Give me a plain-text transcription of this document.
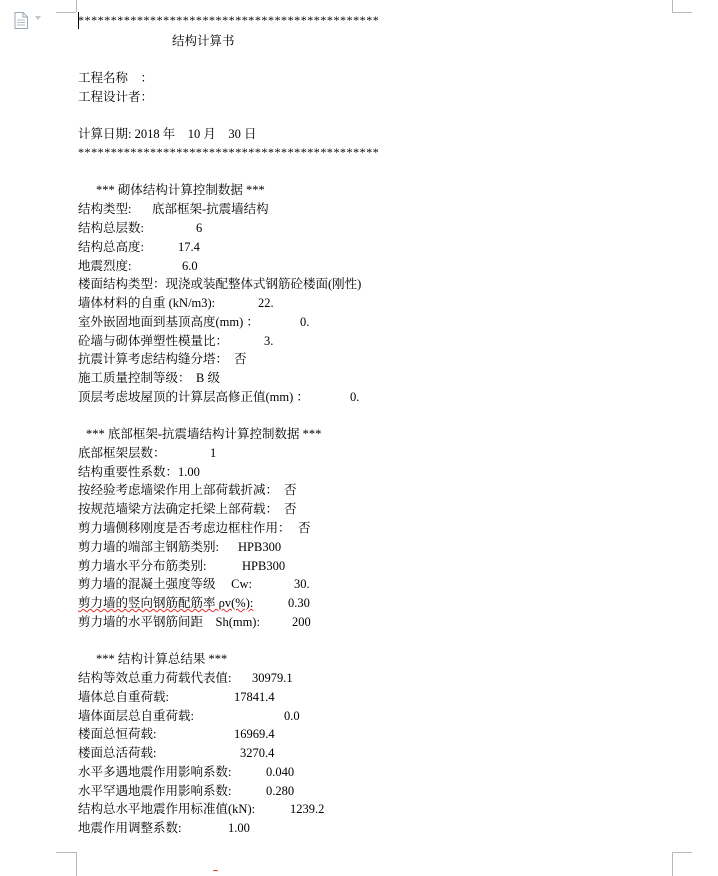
**********************************************
结构计算书
工程名称　：
工程设计者：
计算日期: 2018 年　 10 月　 30 日
**********************************************
*** 砌体结构计算控制数据 ***
结构类型: 底部框架-抗震墙结构
结构总层数:	6
结构总高度:	17.4
地震烈度:	6.0
楼面结构类型：现浇或装配整体式钢筋砼楼面(刚性)
墙体材料的自重 (kN/m3):	22.
室外嵌固地面到基顶高度(mm) ：	0.
砼墙与砌体弹塑性模量比：	3.
抗震计算考虑结构缝分塔： 否
施工质量控制等级： B 级
顶层考虑坡屋顶的计算层高修正值(mm) ：	0.
*** 底部框架-抗震墙结构计算控制数据 ***
底部框架层数：	1
结构重要性系数：1.00
按经验考虑墙梁作用上部荷载折减： 否
按规范墙梁方法确定托梁上部荷载： 否
剪力墙侧移刚度是否考虑边框柱作用： 否
剪力墙的端部主钢筋类别: HPB300
剪力墙水平分布筋类别:	HPB300
剪力墙的混凝土强度等级　 Cw:	30.
剪力墙的竖向钢筋配筋率 ρv(%):	0.30
剪力墙的水平钢筋间距　Sh(mm):	200
*** 结构计算总结果 ***
结构等效总重力荷载代表值: 30979.1
墙体总自重荷载:	17841.4
墙体面层总自重荷载:	0.0
楼面总恒荷载:	16969.4
楼面总活荷载:	3270.4
水平多遇地震作用影响系数:	0.040
水平罕遇地震作用影响系数:	0.280
结构总水平地震作用标准值(kN):	1239.2
地震作用调整系数:	1.00
